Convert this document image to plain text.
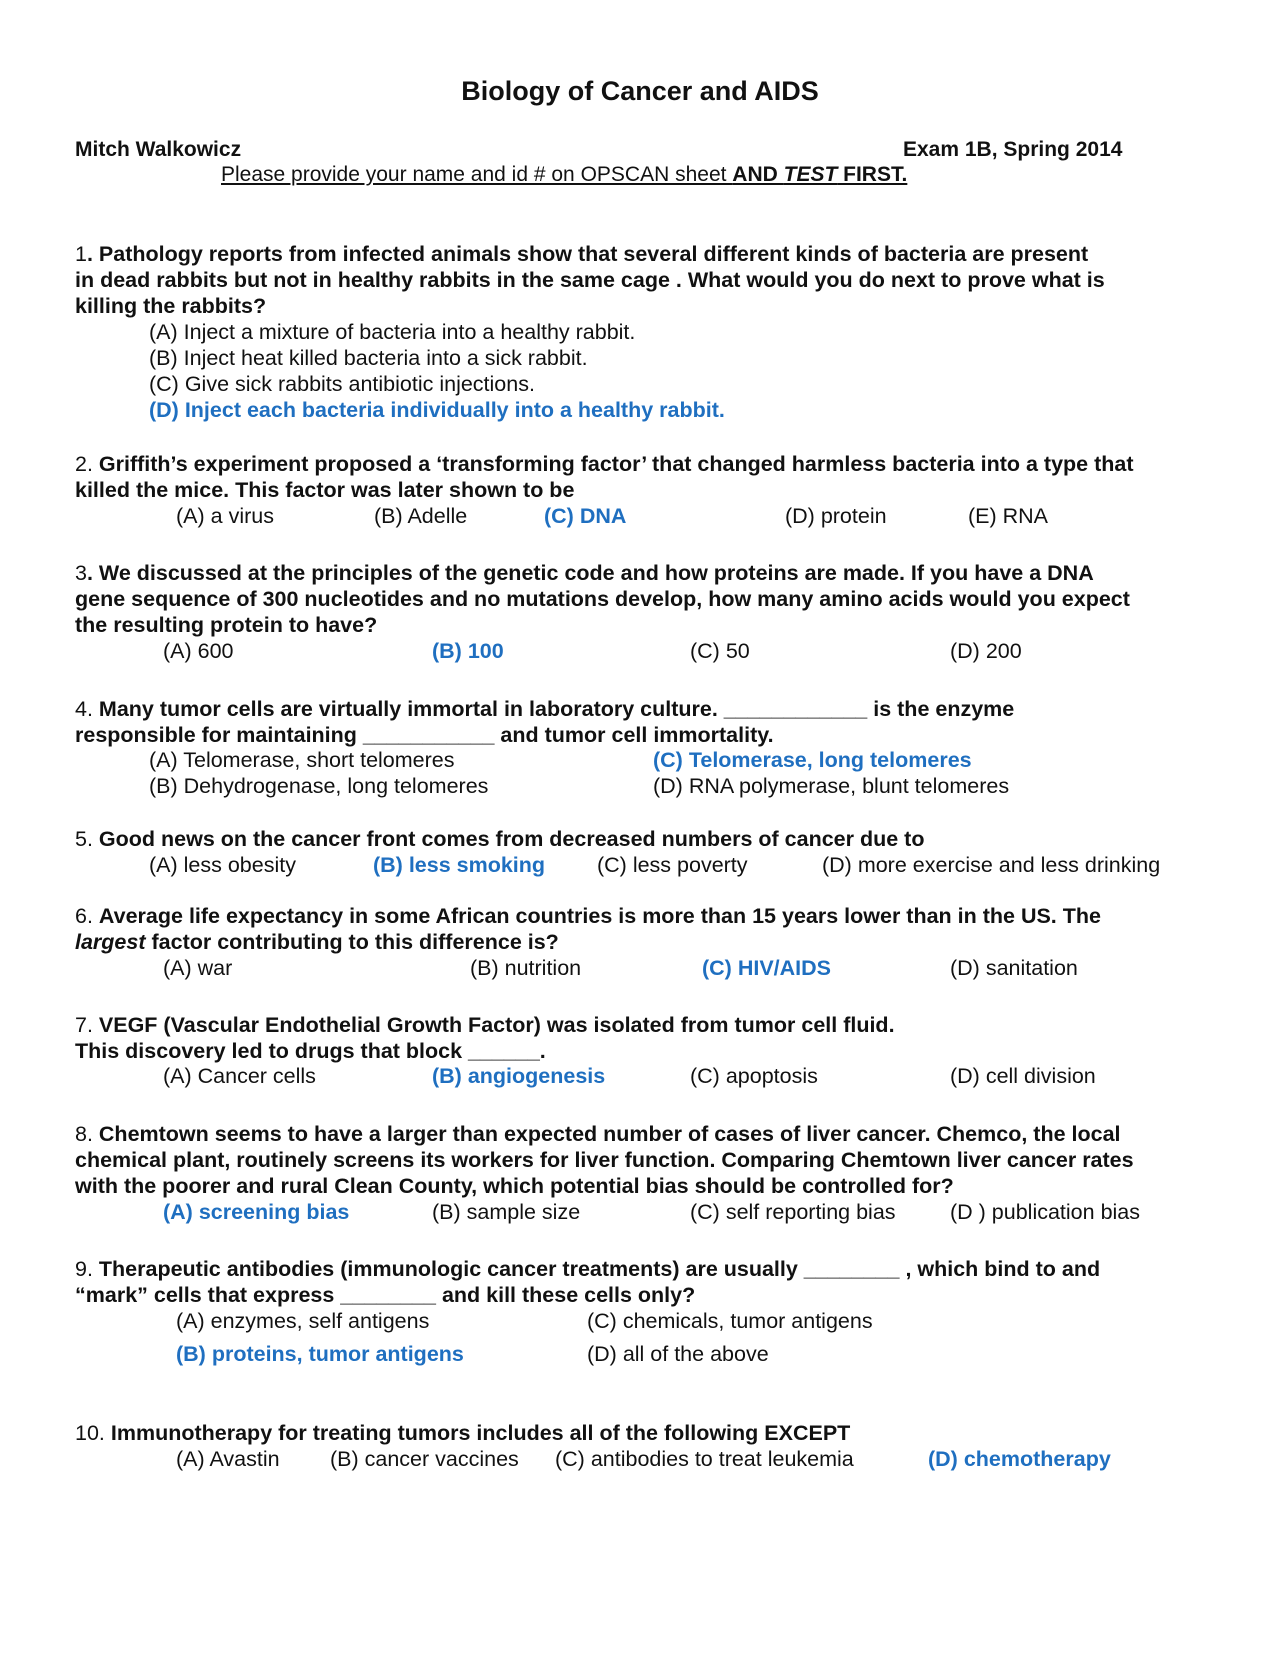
Biology of Cancer and AIDS
Mitch Walkowicz	Exam 1B, Spring 2014
Please provide your name and id # on OPSCAN sheet AND TEST FIRST.
1. Pathology reports from infected animals show that several different kinds of bacteria are present
in dead rabbits but not in healthy rabbits in the same cage . What would you do next to prove what is
killing the rabbits?
(A) Inject a mixture of bacteria into a healthy rabbit.
(B) Inject heat killed bacteria into a sick rabbit.
(C) Give sick rabbits antibiotic injections.
(D) Inject each bacteria individually into a healthy rabbit.
2. Griffith’s experiment proposed a ‘transforming factor’ that changed harmless bacteria into a type that
killed the mice. This factor was later shown to be
(A) a virus	(B) Adelle	(C) DNA	(D) protein	(E) RNA
3. We discussed at the principles of the genetic code and how proteins are made. If you have a DNA
gene sequence of 300 nucleotides and no mutations develop, how many amino acids would you expect
the resulting protein to have?
(A) 600	(B) 100	(C) 50	(D) 200
4. Many tumor cells are virtually immortal in laboratory culture. ____________ is the enzyme
responsible for maintaining ___________ and tumor cell immortality.
(A) Telomerase, short telomeres
(B) Dehydrogenase, long telomeres
(C) Telomerase, long telomeres
(D) RNA polymerase, blunt telomeres
5. Good news on the cancer front comes from decreased numbers of cancer due to
(A) less obesity	(B) less smoking (C) less poverty	(D) more exercise and less drinking
6. Average life expectancy in some African countries is more than 15 years lower than in the US. The
largest factor contributing to this difference is?
(A) war	(B) nutrition	(C) HIV/AIDS	(D) sanitation
7. VEGF (Vascular Endothelial Growth Factor) was isolated from tumor cell fluid.
This discovery led to drugs that block ______.
(A) Cancer cells	(B) angiogenesis	(C) apoptosis	(D) cell division
8. Chemtown seems to have a larger than expected number of cases of liver cancer. Chemco, the local
chemical plant, routinely screens its workers for liver function. Comparing Chemtown liver cancer rates
with the poorer and rural Clean County, which potential bias should be controlled for?
(A) screening bias	(B) sample size	(C) self reporting bias	(D ) publication bias
9. Therapeutic antibodies (immunologic cancer treatments) are usually ________ , which bind to and
“mark” cells that express ________ and kill these cells only?
(A) enzymes, self antigens
(B) proteins, tumor antigens
(C) chemicals, tumor antigens
(D) all of the above
10. Immunotherapy for treating tumors includes all of the following EXCEPT
(A) Avastin (B) cancer vaccines (C) antibodies to treat leukemia	(D) chemotherapy
